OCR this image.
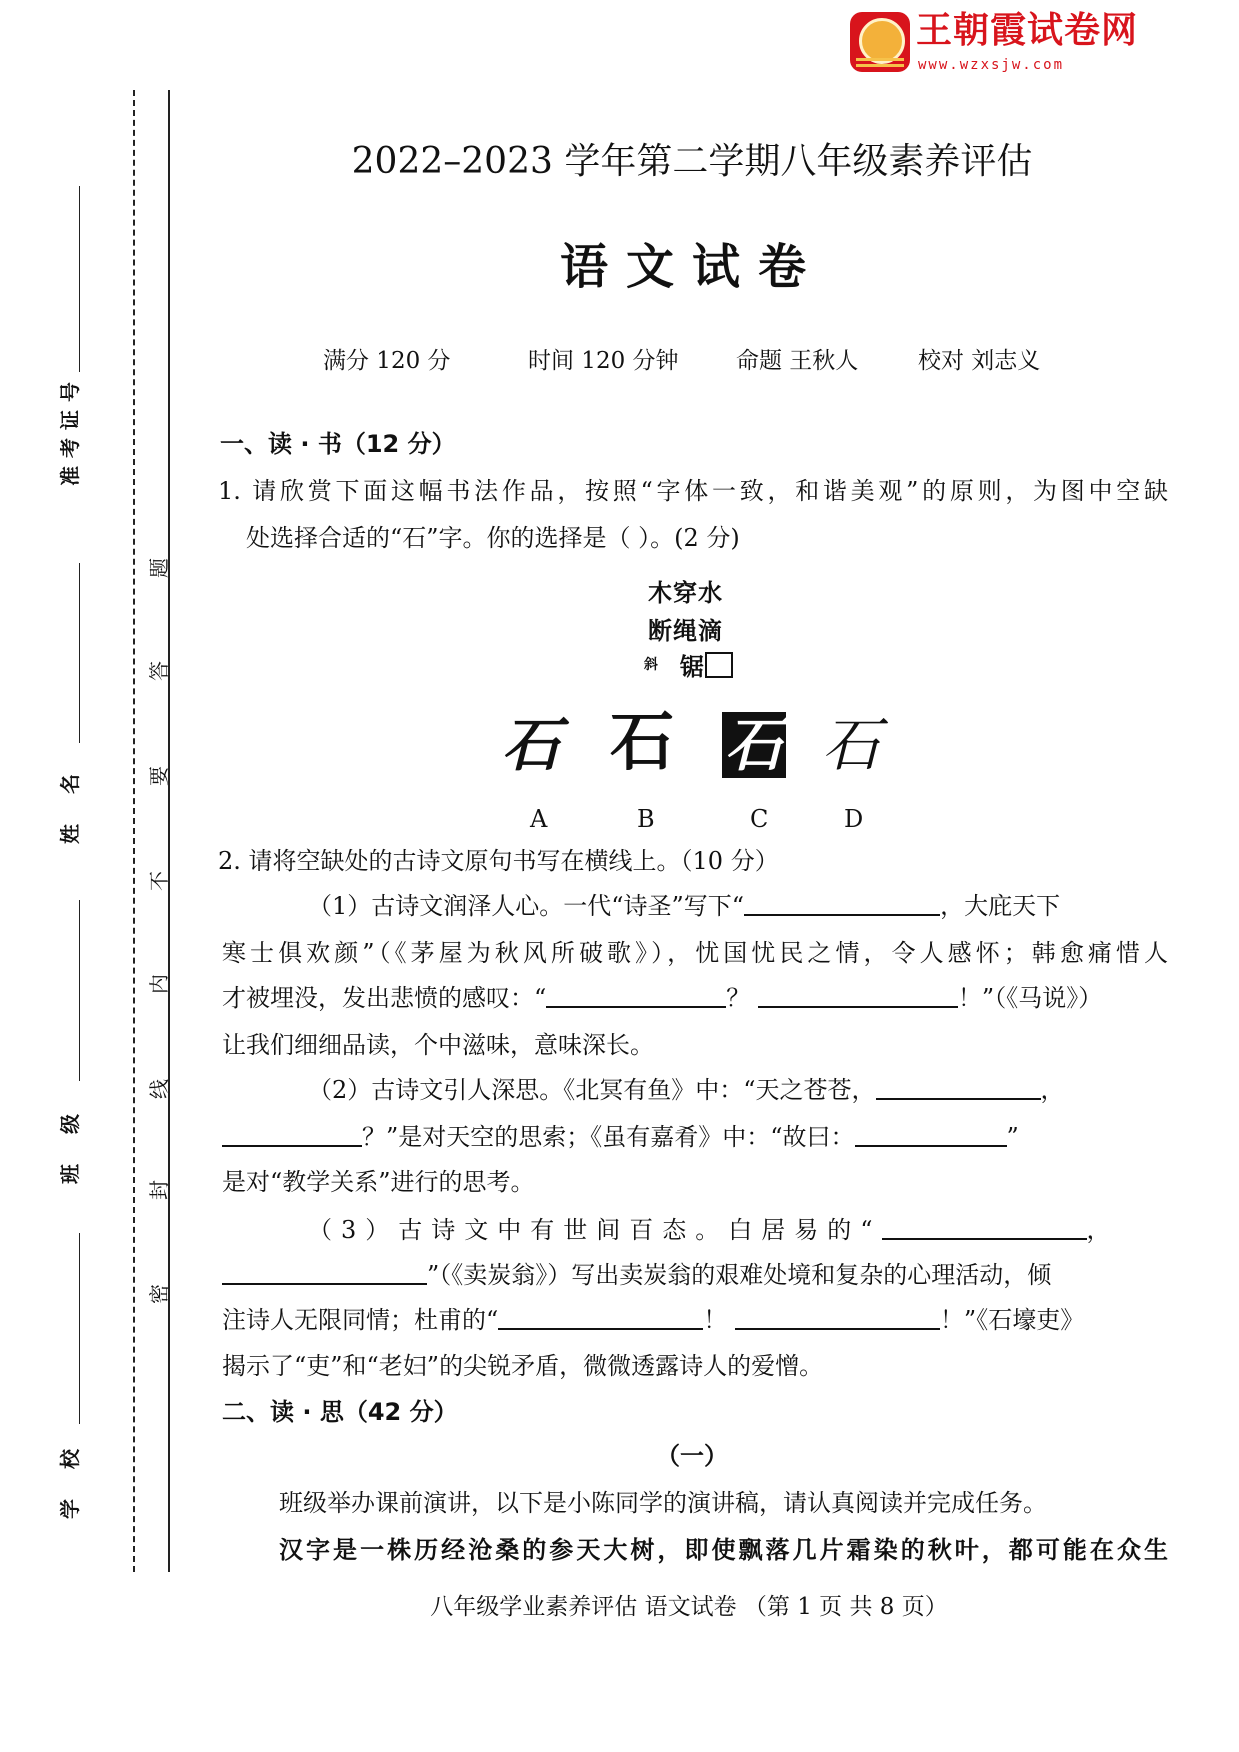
王朝霞试卷网
www.wzxsjw.com
准考证号
姓名
班级
学校
题
答
要
不
内
线
封
密
2022–2023 学年第二学期八年级素养评估
语文试卷
满分 120 分	时间 120 分钟 命题 王秋人	校对 刘志义
一、读 · 书（12 分）
1. 请欣赏下面这幅书法作品，按照“字体一致，和谐美观”的原则，为图中空缺
处选择合适的“石”字。你的选择是（ ）。(2 分)
木穿水
断绳滴
斜 锯
石 石 石 石
A	B	C	D
2. 请将空缺处的古诗文原句书写在横线上。（10 分）
（1）古诗文润泽人心。一代“诗圣”写下“	，大庇天下
寒士俱欢颜”（《茅屋为秋风所破歌》），忧国忧民之情，令人感怀；韩愈痛惜人
才被埋没，发出悲愤的感叹：“	？	！”（《马说》）
让我们细细品读，个中滋味，意味深长。
（2）古诗文引人深思。《北冥有鱼》中：“天之苍苍，	，
？”是对天空的思索；《虽有嘉肴》中：“故曰：	”
是对“教学关系”进行的思考。
（3）古诗文中有世间百态。白居易的“	，
”（《卖炭翁》）写出卖炭翁的艰难处境和复杂的心理活动，倾
注诗人无限同情；杜甫的“	！	！”《石壕吏》
揭示了“吏”和“老妇”的尖锐矛盾，微微透露诗人的爱憎。
二、读 · 思（42 分）
（一）
班级举办课前演讲，以下是小陈同学的演讲稿，请认真阅读并完成任务。
汉字是一株历经沧桑的参天大树，即使飘落几片霜染的秋叶，都可能在众生
八年级学业素养评估 语文试卷 （第 1 页 共 8 页）
